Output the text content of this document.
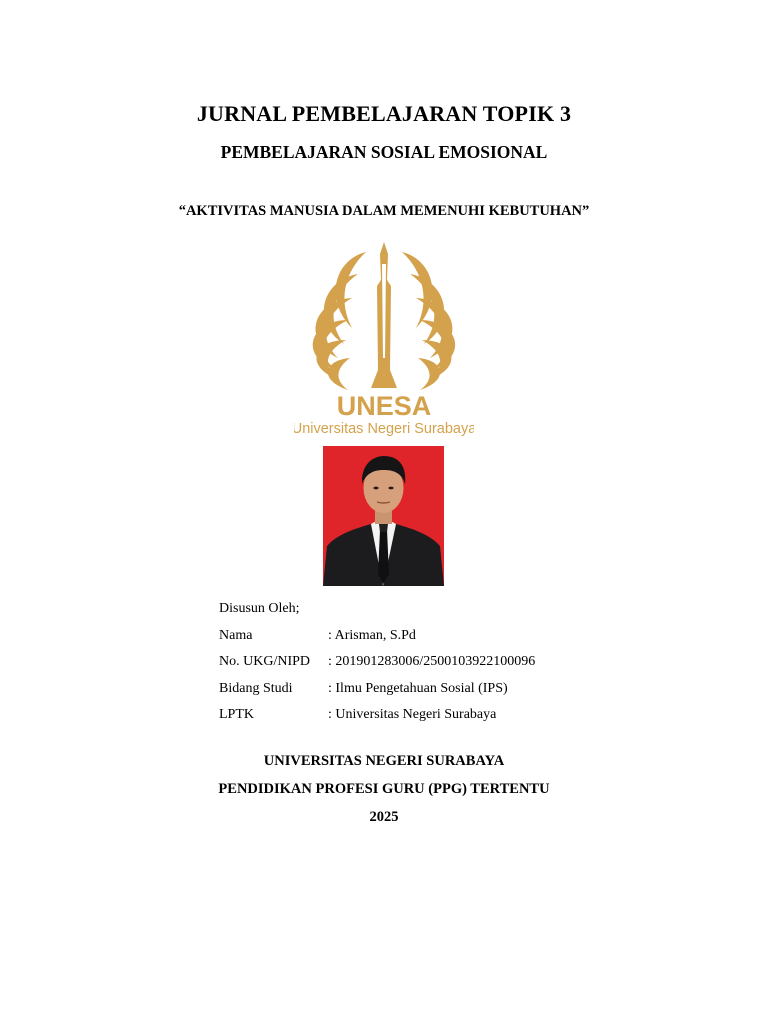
JURNAL PEMBELAJARAN TOPIK 3
PEMBELAJARAN SOSIAL EMOSIONAL
“AKTIVITAS MANUSIA DALAM MEMENUHI KEBUTUHAN”
UNESA
Universitas Negeri Surabaya
Disusun Oleh;
Nama	: Arisman, S.Pd
No. UKG/NIPD	: 201901283006/2500103922100096
Bidang Studi	: Ilmu Pengetahuan Sosial (IPS)
LPTK	: Universitas Negeri Surabaya
UNIVERSITAS NEGERI SURABAYA
PENDIDIKAN PROFESI GURU (PPG) TERTENTU
2025
